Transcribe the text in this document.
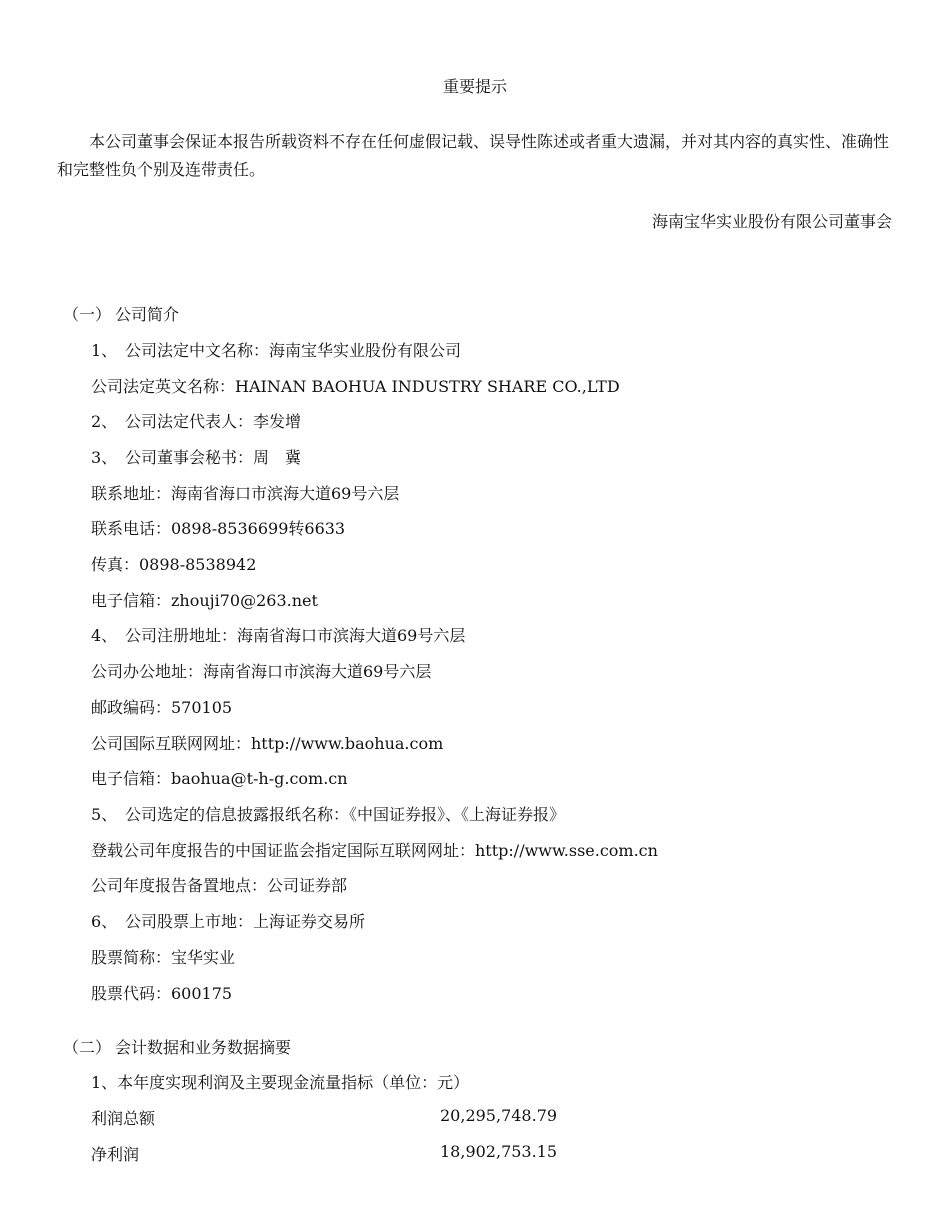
重要提示
本公司董事会保证本报告所载资料不存在任何虚假记载、误导性陈述或者重大遗漏，并对其内容的真实性、准确性和完整性负个别及连带责任。
海南宝华实业股份有限公司董事会
（一） 公司简介
1、 公司法定中文名称：海南宝华实业股份有限公司
公司法定英文名称：HAINAN BAOHUA INDUSTRY SHARE CO.,LTD
2、 公司法定代表人：李发增
3、 公司董事会秘书：周　冀
联系地址：海南省海口市滨海大道69号六层
联系电话：0898-8536699转6633
传真：0898-8538942
电子信箱：zhouji70@263.net
4、 公司注册地址：海南省海口市滨海大道69号六层
公司办公地址：海南省海口市滨海大道69号六层
邮政编码：570105
公司国际互联网网址：http://www.baohua.com
电子信箱：baohua@t-h-g.com.cn
5、 公司选定的信息披露报纸名称：《中国证券报》、《上海证券报》
登载公司年度报告的中国证监会指定国际互联网网址：http://www.sse.com.cn
公司年度报告备置地点：公司证券部
6、 公司股票上市地：上海证券交易所
股票简称：宝华实业
股票代码：600175
（二） 会计数据和业务数据摘要
1、本年度实现利润及主要现金流量指标（单位：元）
利润总额	20,295,748.79
净利润	18,902,753.15
